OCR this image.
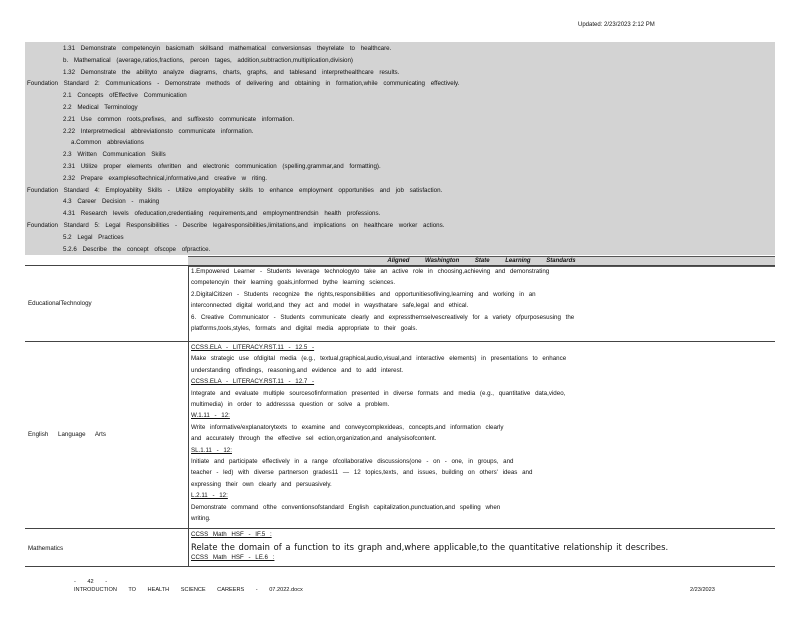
Updated: 2/23/2023 2:12 PM
1.31 Demonstrate competencyin basicmath skillsand mathematical conversionsas theyrelate to healthcare.
b. Mathematical (average,ratios,fractions, percen tages, addition,subtraction,multiplication,division)
1.32 Demonstrate the abilityto analyze diagrams, charts, graphs, and tablesand interprethealthcare results.
Foundation Standard 2: Communications - Demonstrate methods of delivering and obtaining in formation,while communicating effectively.
2.1 Concepts ofEffective Communication
2.2 Medical Terminology
2.21 Use common roots,prefixes, and suffixesto communicate information.
2.22 Interpretmedical abbreviationsto communicate information.
a.Common abbreviations
2.3 Written Communication Skills
2.31 Utilize proper elements ofwritten and electronic communication (spelling,grammar,and formatting).
2.32 Prepare examplesoftechnical,informative,and creative w riting.
Foundation Standard 4: Employability Skills - Utilize employability skills to enhance employment opportunities and job satisfaction.
4.3 Career Decision - making
4.31 Research levels ofeducation,credentialing requirements,and employmenttrendsin health professions.
Foundation Standard 5: Legal Responsibilities - Describe legalresponsibilities,limitations,and implications on healthcare worker actions.
5.2 Legal Practices
5.2.6 Describe the concept ofscope ofpractice.
Aligned Washington State Learning Standards
EducationalTechnology
1.Empowered Learner - Students leverage technologyto take an active role in choosing,achieving and demonstrating
competencyin their learning goals,informed bythe learning sciences.
2.DigitalCitizen - Students recognize the rights,responsibilities and opportunitiesofliving,learning and working in an
interconnected digital world,and they act and model in waysthatare safe,legal and ethical.
6. Creative Communicator - Students communicate clearly and expressthemselvescreatively for a variety ofpurposesusing the
platforms,tools,styles, formats and digital media appropriate to their goals.
English Language Arts
CCSS.ELA - LITERACY.RST.11 - 12.5 -
Make strategic use ofdigital media (e.g., textual,graphical,audio,visual,and interactive elements) in presentations to enhance
understanding offindings, reasoning,and evidence and to add interest.
CCSS.ELA - LITERACY.RST.11 - 12.7 -
Integrate and evaluate multiple sourcesofinformation presented in diverse formats and media (e.g., quantitative data,video,
multimedia) in order to addresssa question or solve a problem.
W.1.11 - 12:
Write informative/explanatorytexts to examine and conveycomplexideas, concepts,and information clearly
and accurately through the effective sel ection,organization,and analysisofcontent.
SL.1.11 - 12:
Initiate and participate effectively in a range ofcollaborative discussions(one - on - one, in groups, and
teacher - led) with diverse partnerson grades11 — 12 topics,texts, and issues, building on others' ideas and
expressing their own clearly and persuasively.
L.2.11 - 12:
Demonstrate command ofthe conventionsofstandard English capitalization,punctuation,and spelling when
writing.
Mathematics
CCSS Math HSF - IF.5 :
Relate the domain of a function to its graph and,where applicable,to the quantitative relationship it describes.
CCSS Math HSF - LE.6 :
- 42 -
INTRODUCTION TO HEALTH SCIENCE CAREERS - 07.2022.docx	2/23/2023
